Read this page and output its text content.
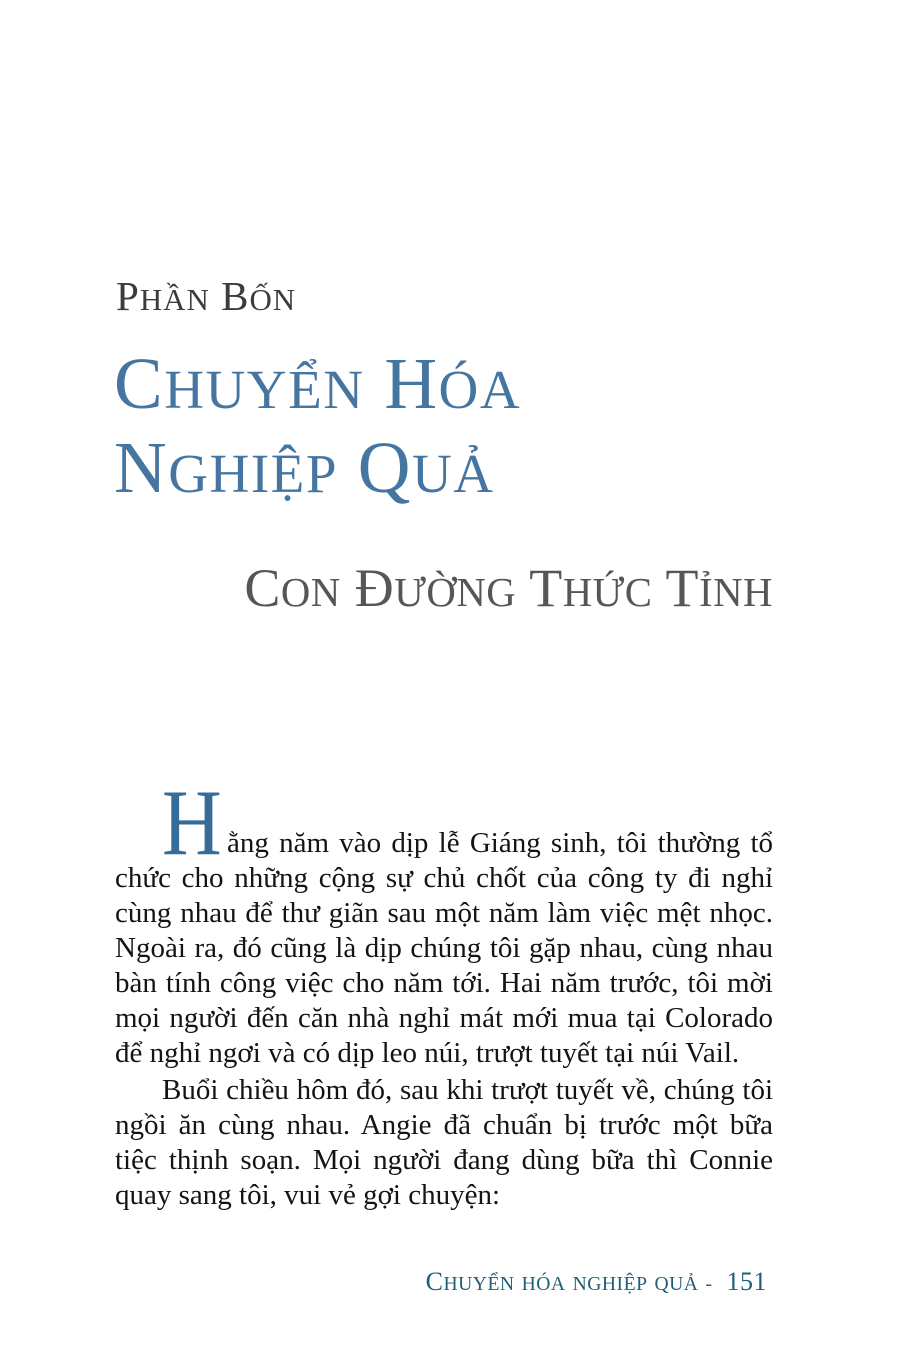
PHẦN BỐN
CHUYỂN HÓA
NGHIỆP QUẢ
CON ĐƯỜNG THỨC TỈNH

H ằng năm vào dịp lễ Giáng sinh, tôi thường tổ chức cho những cộng sự chủ chốt của công ty đi nghỉ cùng nhau để thư giãn sau một năm làm việc mệt nhọc. Ngoài ra, đó cũng là dịp chúng tôi gặp nhau, cùng nhau bàn tính công việc cho năm tới. Hai năm trước, tôi mời mọi người đến căn nhà nghỉ mát mới mua tại Colorado để nghỉ ngơi và có dịp leo núi, trượt tuyết tại núi Vail.

Buổi chiều hôm đó, sau khi trượt tuyết về, chúng tôi ngồi ăn cùng nhau. Angie đã chuẩn bị trước một bữa tiệc thịnh soạn. Mọi người đang dùng bữa thì Connie quay sang tôi, vui vẻ gợi chuyện:

CHUYỂN HÓA NGHIỆP QUẢ - 151
